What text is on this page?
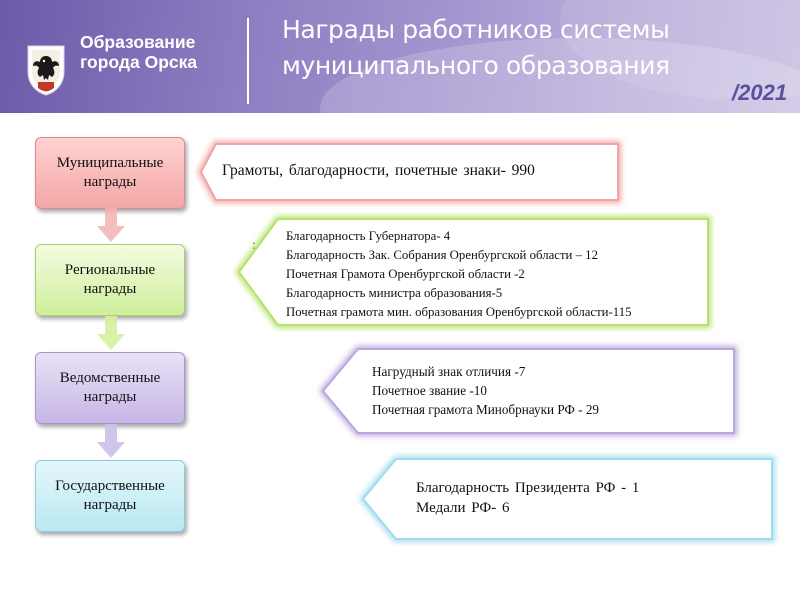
Образование
города Орска
Награды работников системы
муниципального образования
/2021
Муниципальные
награды
Региональные
награды
Ведомственные
награды
Государственные
награды
Грамоты, благодарности, почетные знаки- 990
:
Благодарность Губернатора- 4
Благодарность Зак. Собрания Оренбургской области – 12
Почетная Грамота Оренбургской области -2
Благодарность министра образования-5
Почетная грамота мин. образования Оренбургской области-115
Нагрудный знак отличия -7
Почетное звание -10
Почетная грамота Минобрнауки РФ - 29
Благодарность Президента РФ - 1
Медали РФ- 6
